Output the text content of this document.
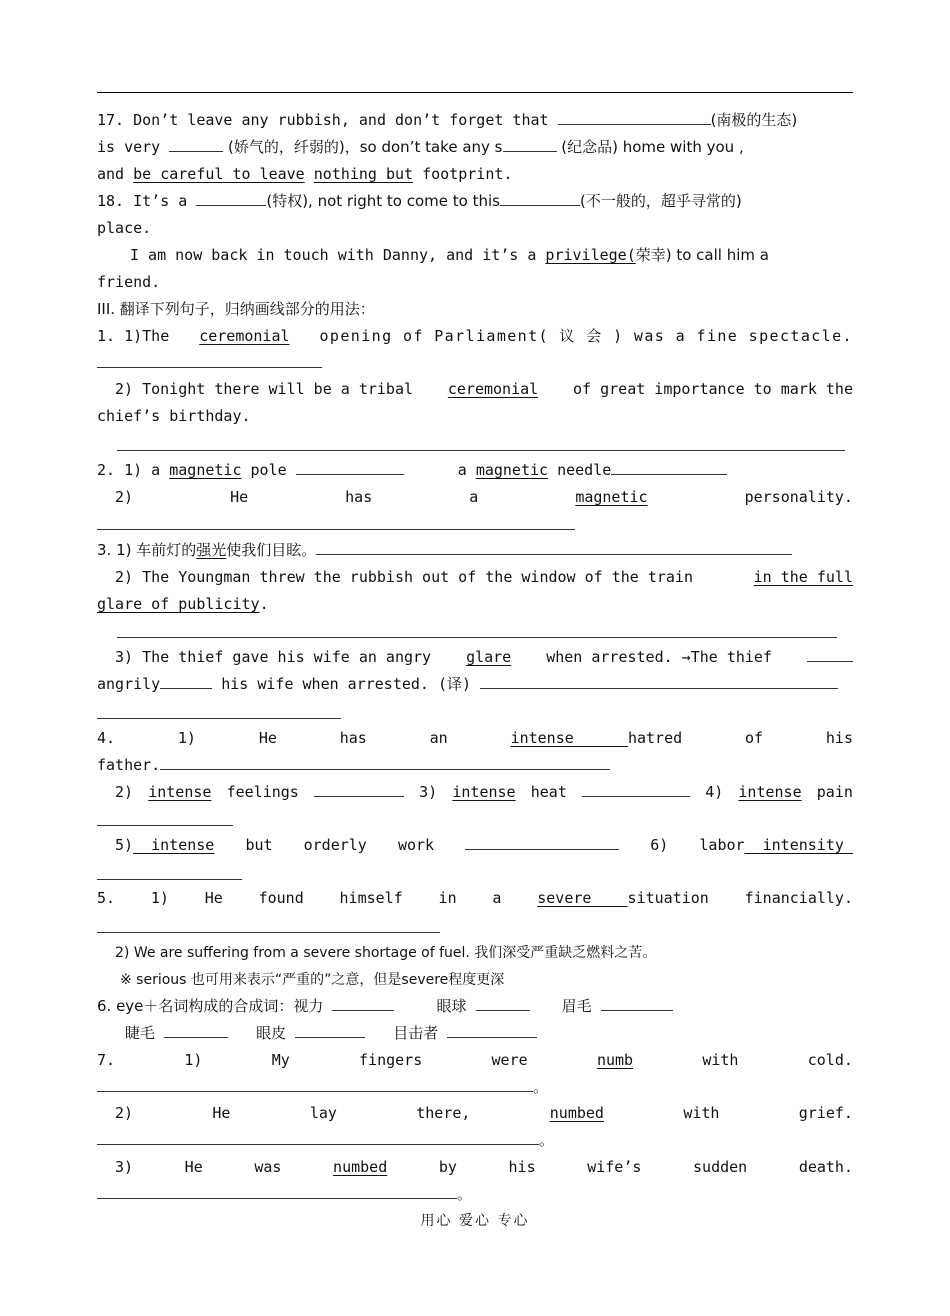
17. Don’t leave any rubbish, and don’t forget that	(南极的生态)
is very	(娇气的，纤弱的)，so don’t take any s	(纪念品) home with you ,
and be careful to leave nothing but footprint.
18. It’s a	(特权), not right to come to this	(不一般的，超乎寻常的)
place.
I am now back in touch with Danny, and it’s a privilege(荣幸) to call him a
friend.
III. 翻译下列句子，归纳画线部分的用法：
1. 1)The ceremonial opening of Parliament( 议 会 ) was a fine spectacle.
2) Tonight there will be a tribal ceremonial of great importance to mark the
chief’s birthday.
2. 1) a magnetic pole	a magnetic needle
2)	He	has	a	magnetic	personality.
3. 1) 车前灯的强光使我们目眩。
2) The Youngman threw the rubbish out of the window of the train	in the full
glare of publicity.
3) The thief gave his wife an angry glare when arrested. →The thief
angrily	his wife when arrested. (译)
4.	1)	He	has	an	intense      hatred	of	his
father.
2) intense feelings	3) intense heat	4) intense pain
5)  intense but orderly work	6) labor  intensity
5. 1) He found himself in a severe    situation financially.
2) We are suffering from a severe shortage of fuel. 我们深受严重缺乏燃料之苦。
※ serious 也可用来表示“严重的”之意，但是severe程度更深
6. eye＋名词构成的合成词：视力	眼球	眉毛
睫毛	眼皮	目击者
7.	1)	My	fingers	were	numb	with	cold.
。
2)	He	lay	there,	numbed	with	grief.
。
3)	He	was	numbed	by	his	wife’s	sudden	death.
。
用心 爱心 专心
